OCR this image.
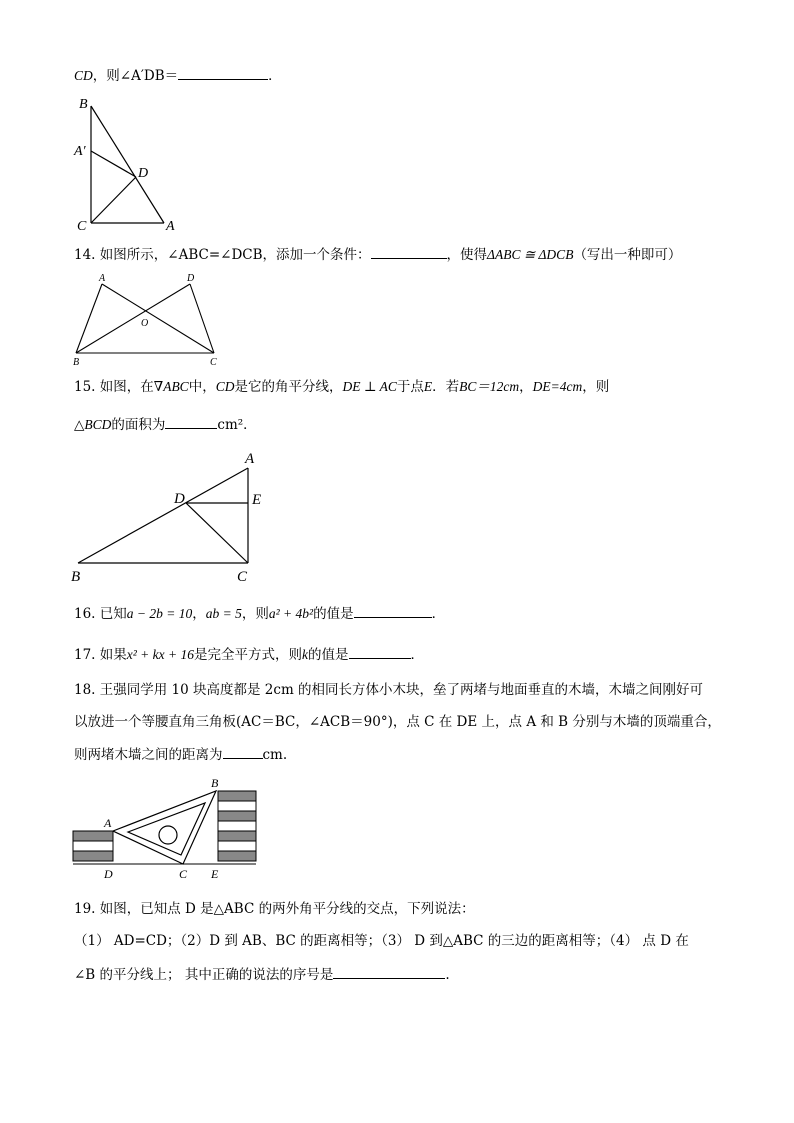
CD，则∠A′DB＝	．
B
A′
D
C	A
14. 如图所示，∠ABC=∠DCB，添加一个条件：	，使得ΔABC ≅ ΔDCB（写出一种即可）
A	D
O
B	C
15. 如图，在∇ABC中，CD是它的角平分线，DE ⊥ AC于点E．若BC＝12cm，DE=4cm，则
△BCD的面积为	cm²．
A
D	E
B	C
16. 已知a − 2b = 10，ab = 5，则a² + 4b²的值是	．
17. 如果x² + kx + 16是完全平方式，则k的值是	．
18. 王强同学用 10 块高度都是 2cm 的相同长方体小木块，垒了两堵与地面垂直的木墙，木墙之间刚好可
以放进一个等腰直角三角板(AC＝BC，∠ACB＝90°)，点 C 在 DE 上，点 A 和 B 分别与木墙的顶端重合，
则两堵木墙之间的距离为	cm.
A
B
D	C E
19. 如图，已知点 D 是△ABC 的两外角平分线的交点，下列说法：
（1） AD=CD；（2）D 到 AB、BC 的距离相等；（3） D 到△ABC 的三边的距离相等；（4） 点 D 在
∠B 的平分线上； 其中正确的说法的序号是	.
